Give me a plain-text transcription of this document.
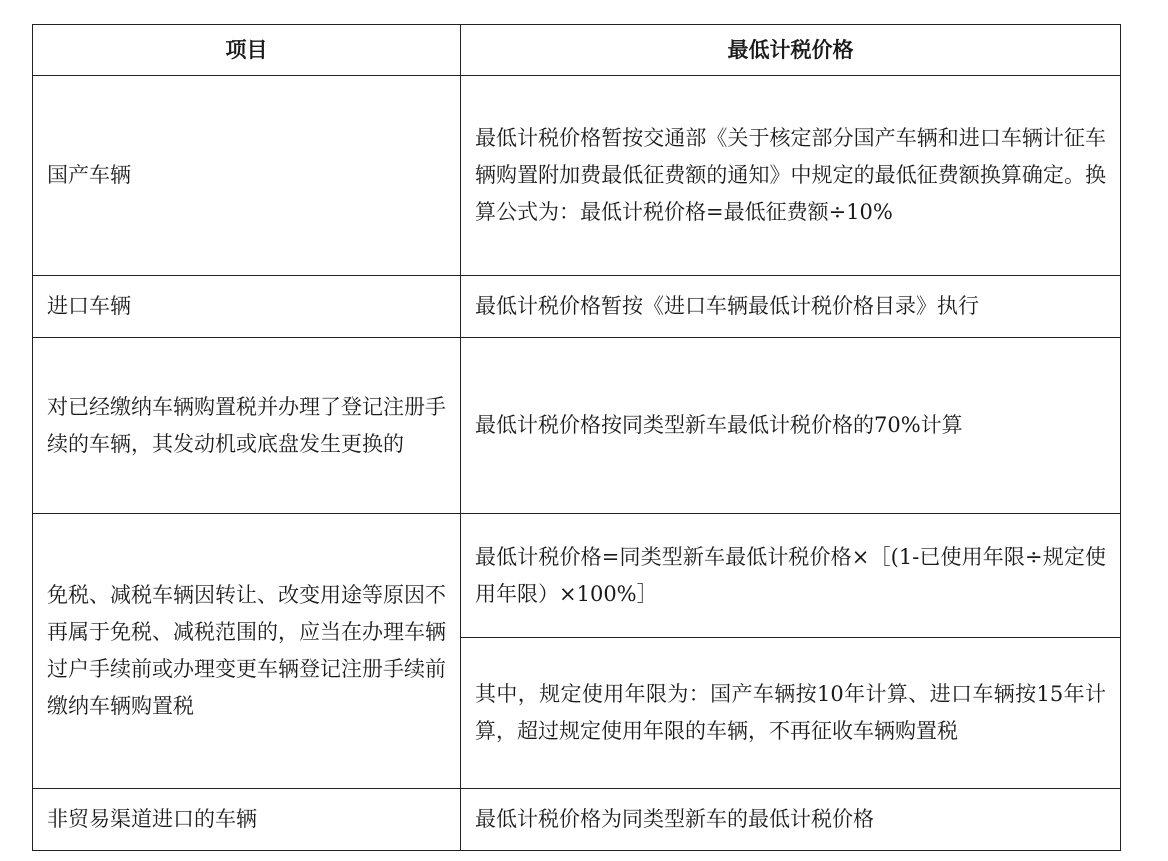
项目	最低计税价格
国产车辆	最低计税价格暂按交通部《关于核定部分国产车辆和进口车辆计征车辆购置附加费最低征费额的通知》中规定的最低征费额换算确定。换算公式为：最低计税价格=最低征费额÷10%
进口车辆	最低计税价格暂按《进口车辆最低计税价格目录》执行
对已经缴纳车辆购置税并办理了登记注册手续的车辆，其发动机或底盘发生更换的	最低计税价格按同类型新车最低计税价格的70%计算
免税、减税车辆因转让、改变用途等原因不再属于免税、减税范围的，应当在办理车辆过户手续前或办理变更车辆登记注册手续前缴纳车辆购置税	最低计税价格=同类型新车最低计税价格×［(1-已使用年限÷规定使用年限）×100%］
	其中，规定使用年限为：国产车辆按10年计算、进口车辆按15年计算，超过规定使用年限的车辆，不再征收车辆购置税
非贸易渠道进口的车辆	最低计税价格为同类型新车的最低计税价格
